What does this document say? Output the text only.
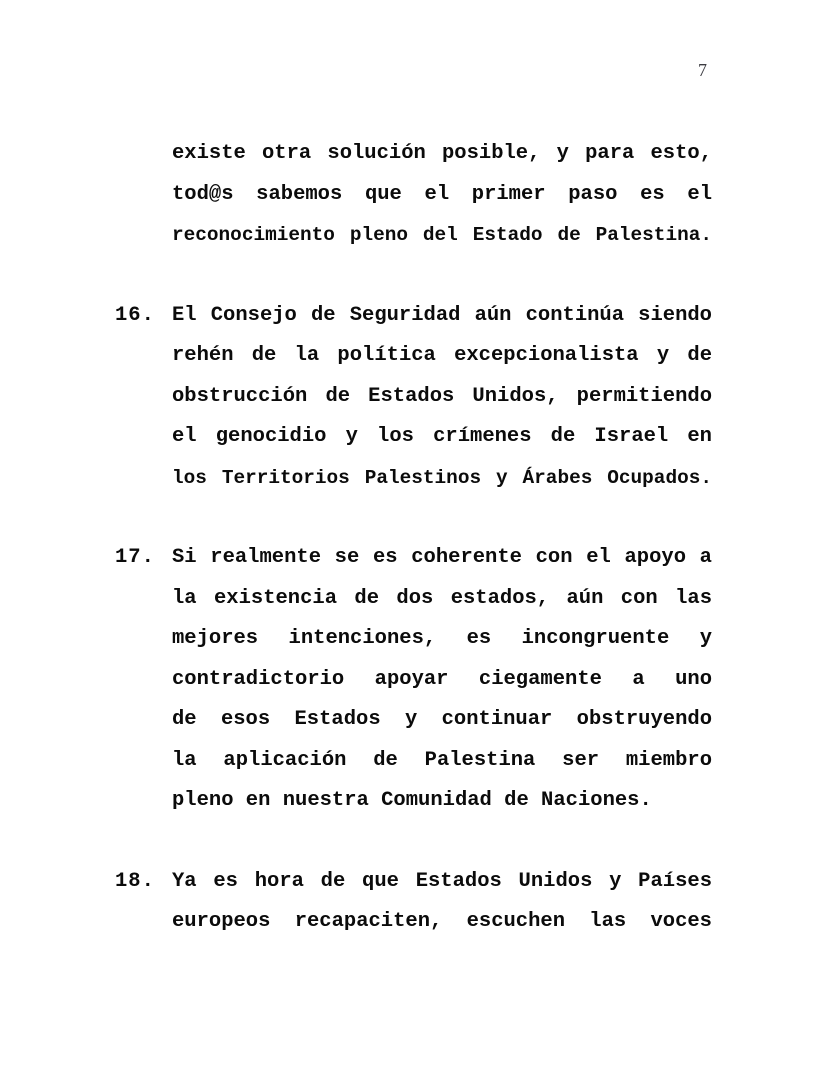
7
existe otra solución posible, y para esto,
tod@s sabemos que el primer paso es el
reconocimiento pleno del Estado de Palestina.
16. El Consejo de Seguridad aún continúa siendo
rehén de la política excepcionalista y de
obstrucción de Estados Unidos, permitiendo
el genocidio y los crímenes de Israel en
los Territorios Palestinos y Árabes Ocupados.
17. Si realmente se es coherente con el apoyo a
la existencia de dos estados, aún con las
mejores intenciones, es incongruente y
contradictorio apoyar ciegamente a uno
de esos Estados y continuar obstruyendo
la aplicación de Palestina ser miembro
pleno en nuestra Comunidad de Naciones.
18. Ya es hora de que Estados Unidos y Países
europeos recapaciten, escuchen las voces
